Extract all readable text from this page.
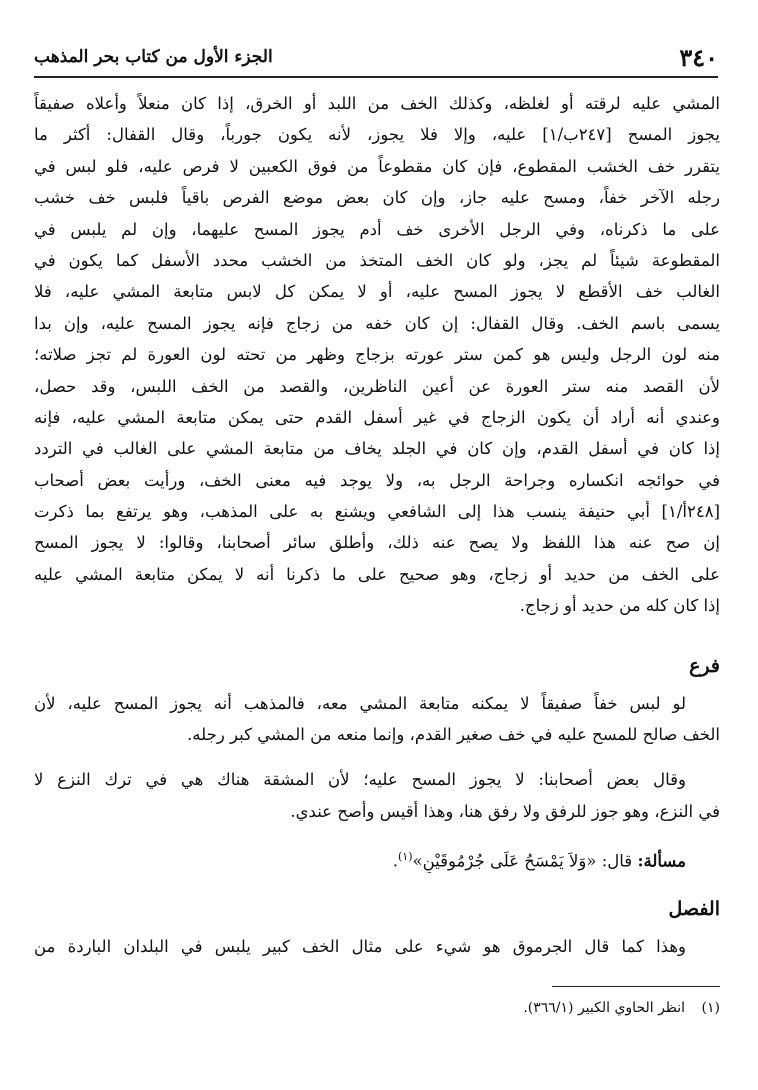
٣٤٠
الجزء الأول من كتاب بحر المذهب
المشي عليه لرقته أو لغلظه، وكذلك الخف من اللبد أو الخرق، إذا كان منعلاً وأعلاه صفيقاً
يجوز المسح [٢٤٧ب/١] عليه، وإلا فلا يجوز، لأنه يكون جورباً، وقال القفال: أكثر ما
يتقرر خف الخشب المقطوع، فإن كان مقطوعاً من فوق الكعبين لا فرص عليه، فلو لبس في
رجله الآخر خفاً، ومسح عليه جاز، وإن كان بعض موضع الفرص باقياً فلبس خف خشب
على ما ذكرناه، وفي الرجل الأخرى خف أدم يجوز المسح عليهما، وإن لم يلبس في
المقطوعة شيئاً لم يجز، ولو كان الخف المتخذ من الخشب محدد الأسفل كما يكون في
الغالب خف الأقطع لا يجوز المسح عليه، أو لا يمكن كل لابس متابعة المشي عليه، فلا
يسمى باسم الخف. وقال القفال: إن كان خفه من زجاج فإنه يجوز المسح عليه، وإن بدا
منه لون الرجل وليس هو كمن ستر عورته بزجاج وظهر من تحته لون العورة لم تجز صلاته؛
لأن القصد منه ستر العورة عن أعين الناظرين، والقصد من الخف اللبس، وقد حصل،
وعندي أنه أراد أن يكون الزجاج في غير أسفل القدم حتى يمكن متابعة المشي عليه، فإنه
إذا كان في أسفل القدم، وإن كان في الجلد يخاف من متابعة المشي على الغالب في التردد
في حوائجه انكساره وجراحة الرجل به، ولا يوجد فيه معنى الخف، ورأيت بعض أصحاب
[٢٤٨أ/١] أبي حنيفة ينسب هذا إلى الشافعي ويشنع به على المذهب، وهو يرتفع بما ذكرت
إن صح عنه هذا اللفظ ولا يصح عنه ذلك، وأطلق سائر أصحابنا، وقالوا: لا يجوز المسح
على الخف من حديد أو زجاج، وهو صحيح على ما ذكرنا أنه لا يمكن متابعة المشي عليه
إذا كان كله من حديد أو زجاج.
فرع
لو لبس خفاً صفيقاً لا يمكنه متابعة المشي معه، فالمذهب أنه يجوز المسح عليه، لأن
الخف صالح للمسح عليه في خف صغير القدم، وإنما منعه من المشي كبر رجله.
وقال بعض أصحابنا: لا يجوز المسح عليه؛ لأن المشقة هناك هي في ترك النزع لا
في النزع، وهو جوز للرفق ولا رفق هنا، وهذا أقيس وأصح عندي.
مسألة: قال: «وَلاَ يَمْسَحُ عَلَى جُرْمُوقَيْنِ»$^{(١)}$.
الفصل
وهذا كما قال الجرموق هو شيء على مثال الخف كبير يلبس في البلدان الباردة من
(١) انظر الحاوي الكبير (٣٦٦/١).
